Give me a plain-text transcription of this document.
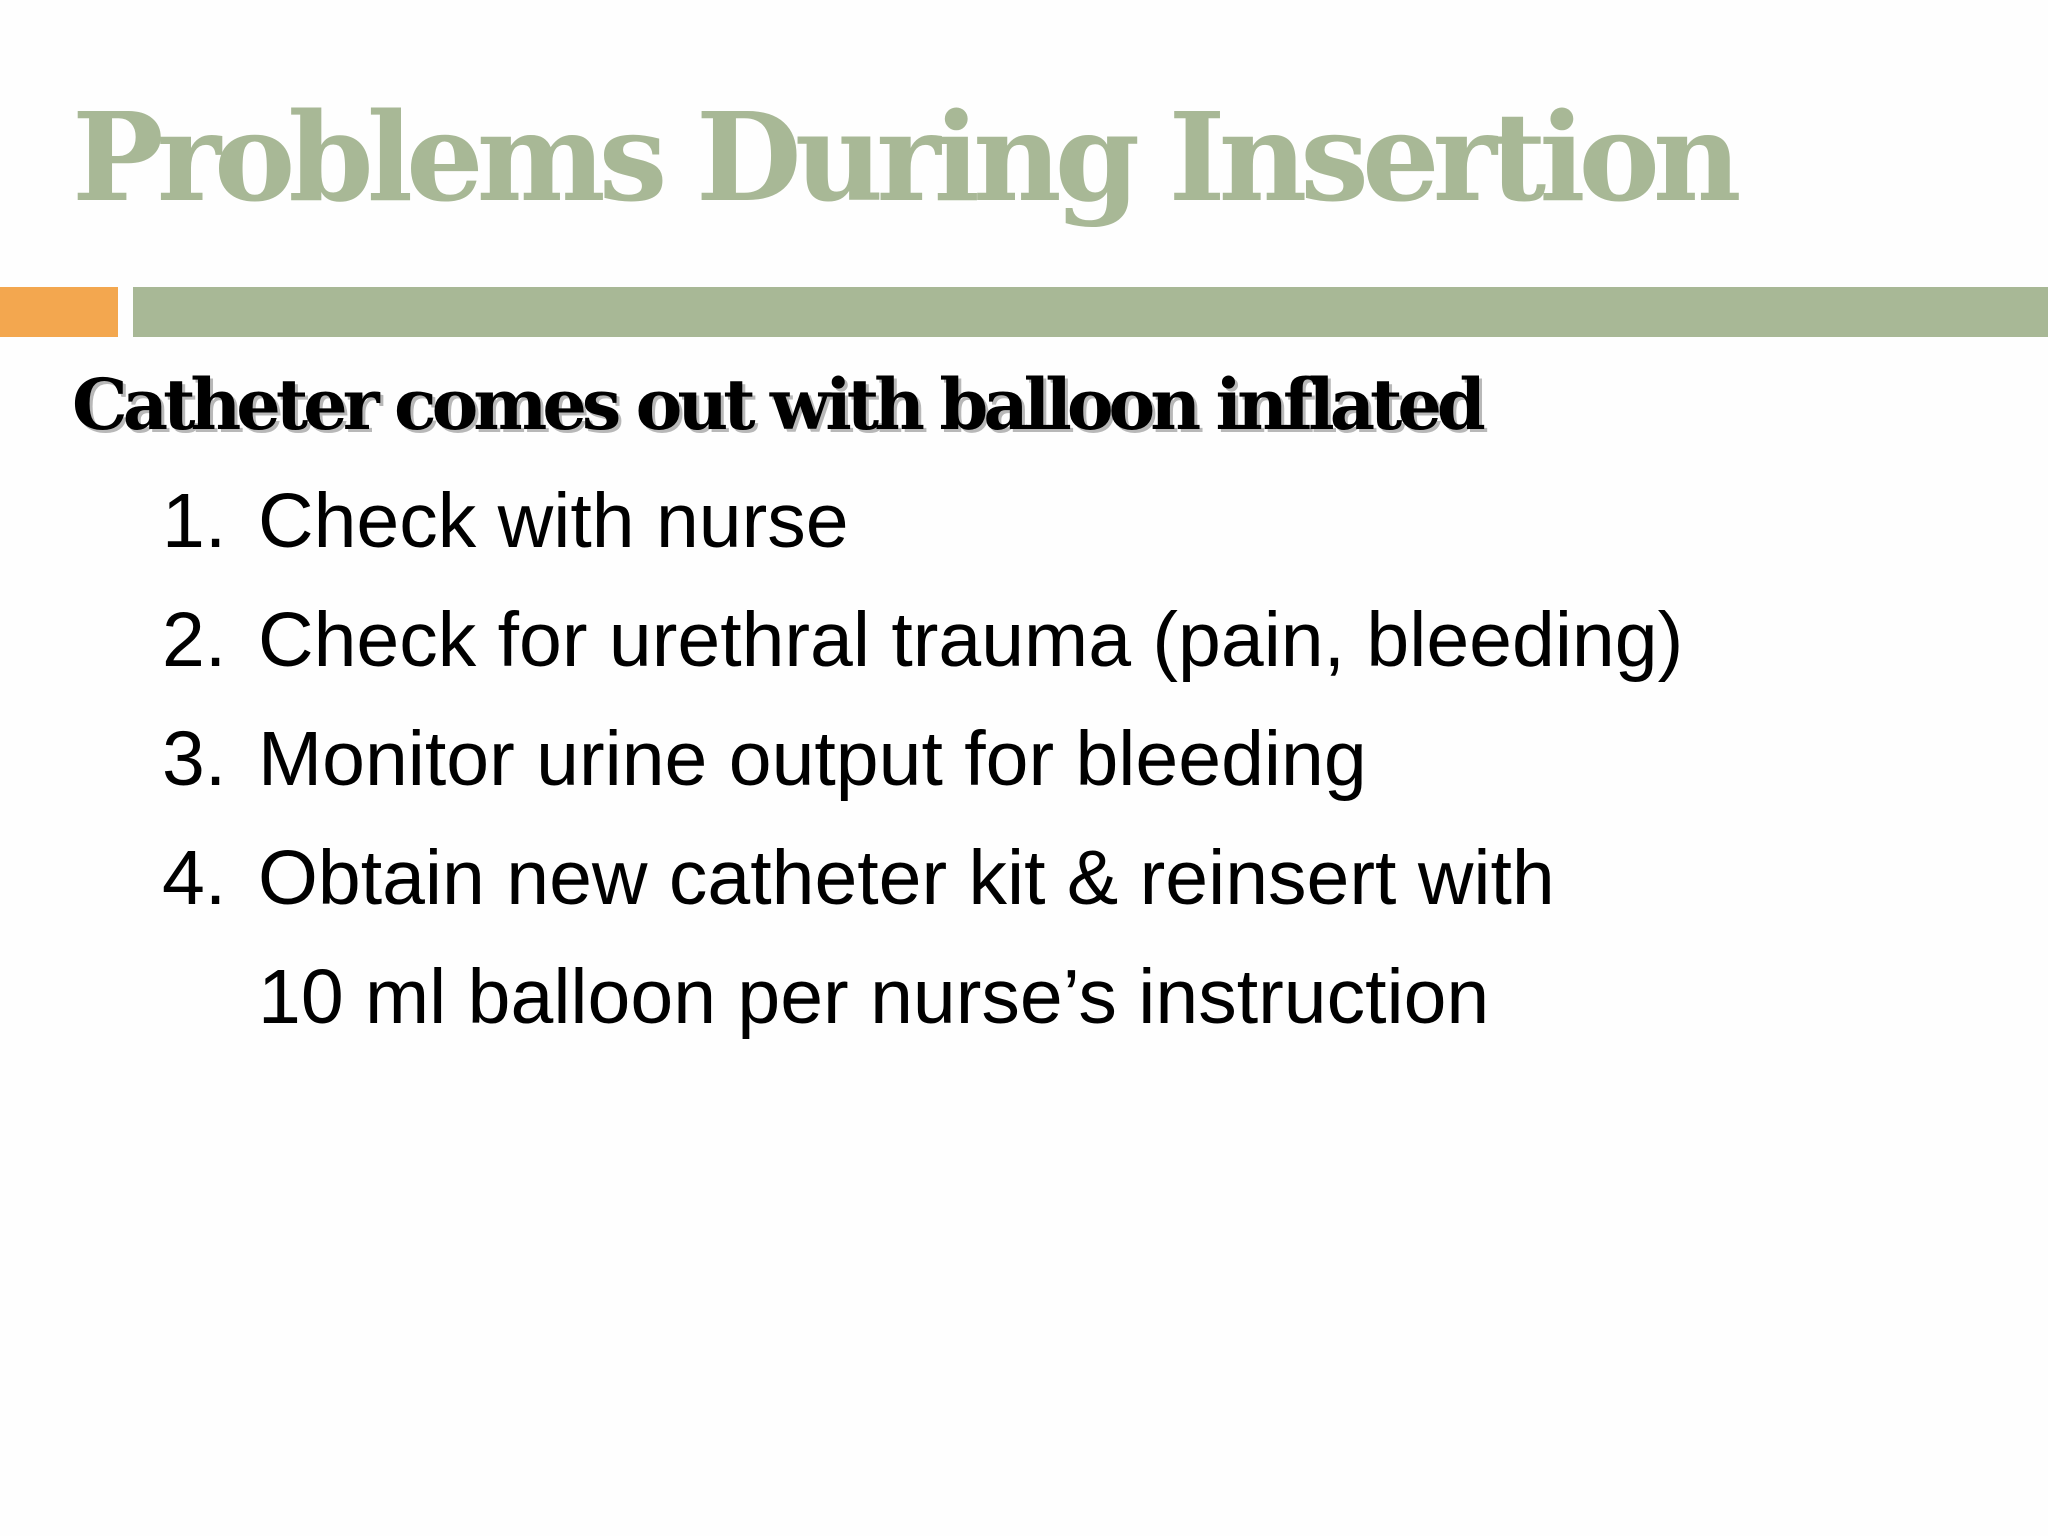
Problems During Insertion
Catheter comes out with balloon inflated
1. Check with nurse
2. Check for urethral trauma (pain, bleeding)
3. Monitor urine output for bleeding
4. Obtain new catheter kit & reinsert with
10 ml balloon per nurse’s instruction
